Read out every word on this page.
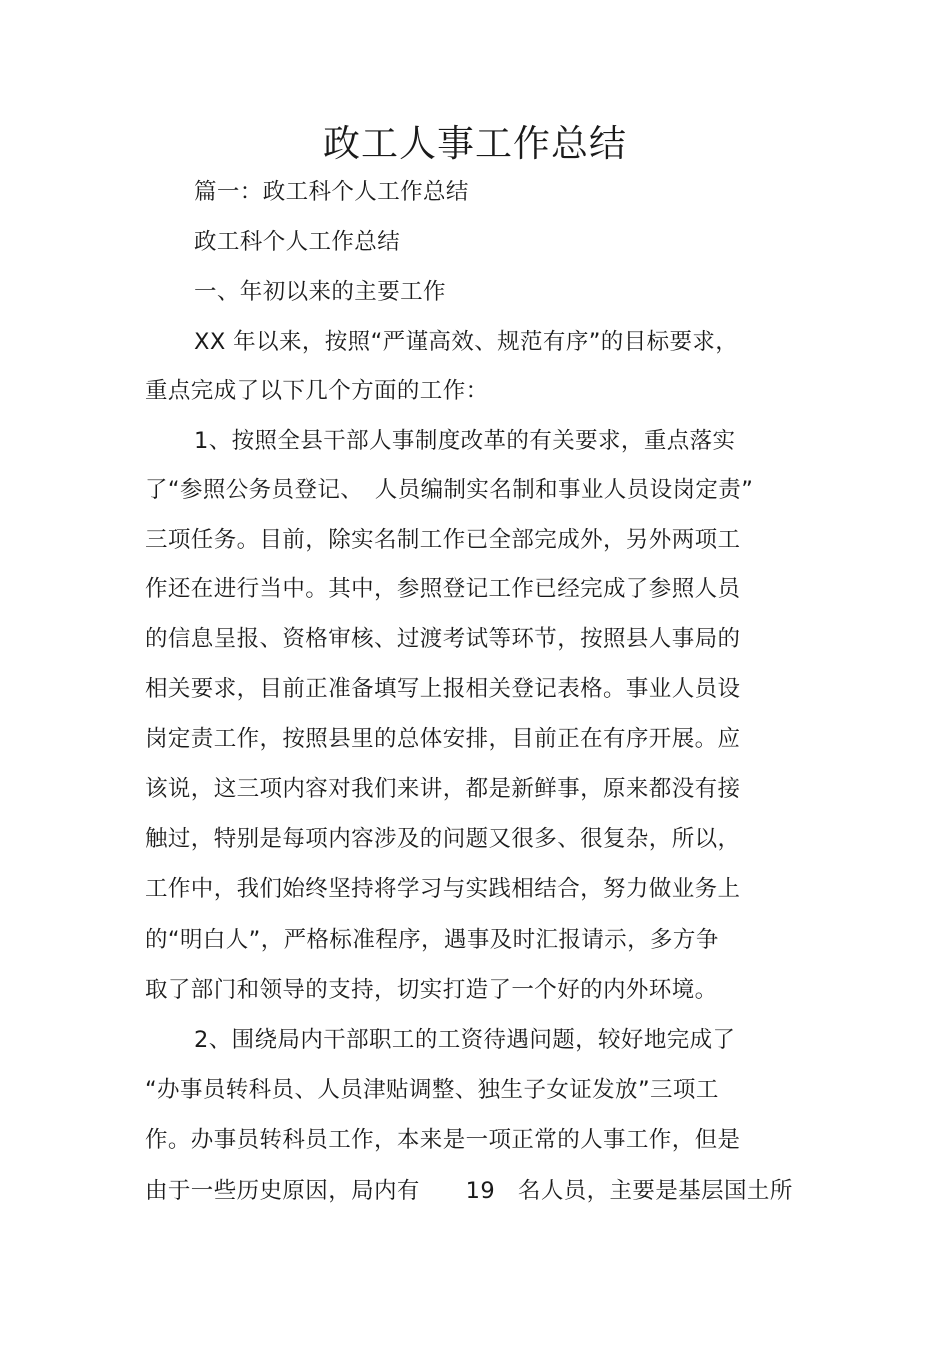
政工人事工作总结
篇一：政工科个人工作总结
政工科个人工作总结
一、年初以来的主要工作
XX 年以来，按照“严谨高效、规范有序”的目标要求，
重点完成了以下几个方面的工作：
1、按照全县干部人事制度改革的有关要求，重点落实
了“参照公务员登记、　人员编制实名制和事业人员设岗定责”
三项任务。目前，除实名制工作已全部完成外，另外两项工
作还在进行当中。其中，参照登记工作已经完成了参照人员
的信息呈报、资格审核、过渡考试等环节，按照县人事局的
相关要求，目前正准备填写上报相关登记表格。事业人员设
岗定责工作，按照县里的总体安排，目前正在有序开展。应
该说，这三项内容对我们来讲，都是新鲜事，原来都没有接
触过，特别是每项内容涉及的问题又很多、很复杂，所以，
工作中，我们始终坚持将学习与实践相结合，努力做业务上
的“明白人”，严格标准程序，遇事及时汇报请示，多方争
取了部门和领导的支持，切实打造了一个好的内外环境。
2、围绕局内干部职工的工资待遇问题，较好地完成了
“办事员转科员、人员津贴调整、独生子女证发放”三项工
作。办事员转科员工作，本来是一项正常的人事工作，但是
由于一些历史原因，局内有　　19　名人员，主要是基层国土所
